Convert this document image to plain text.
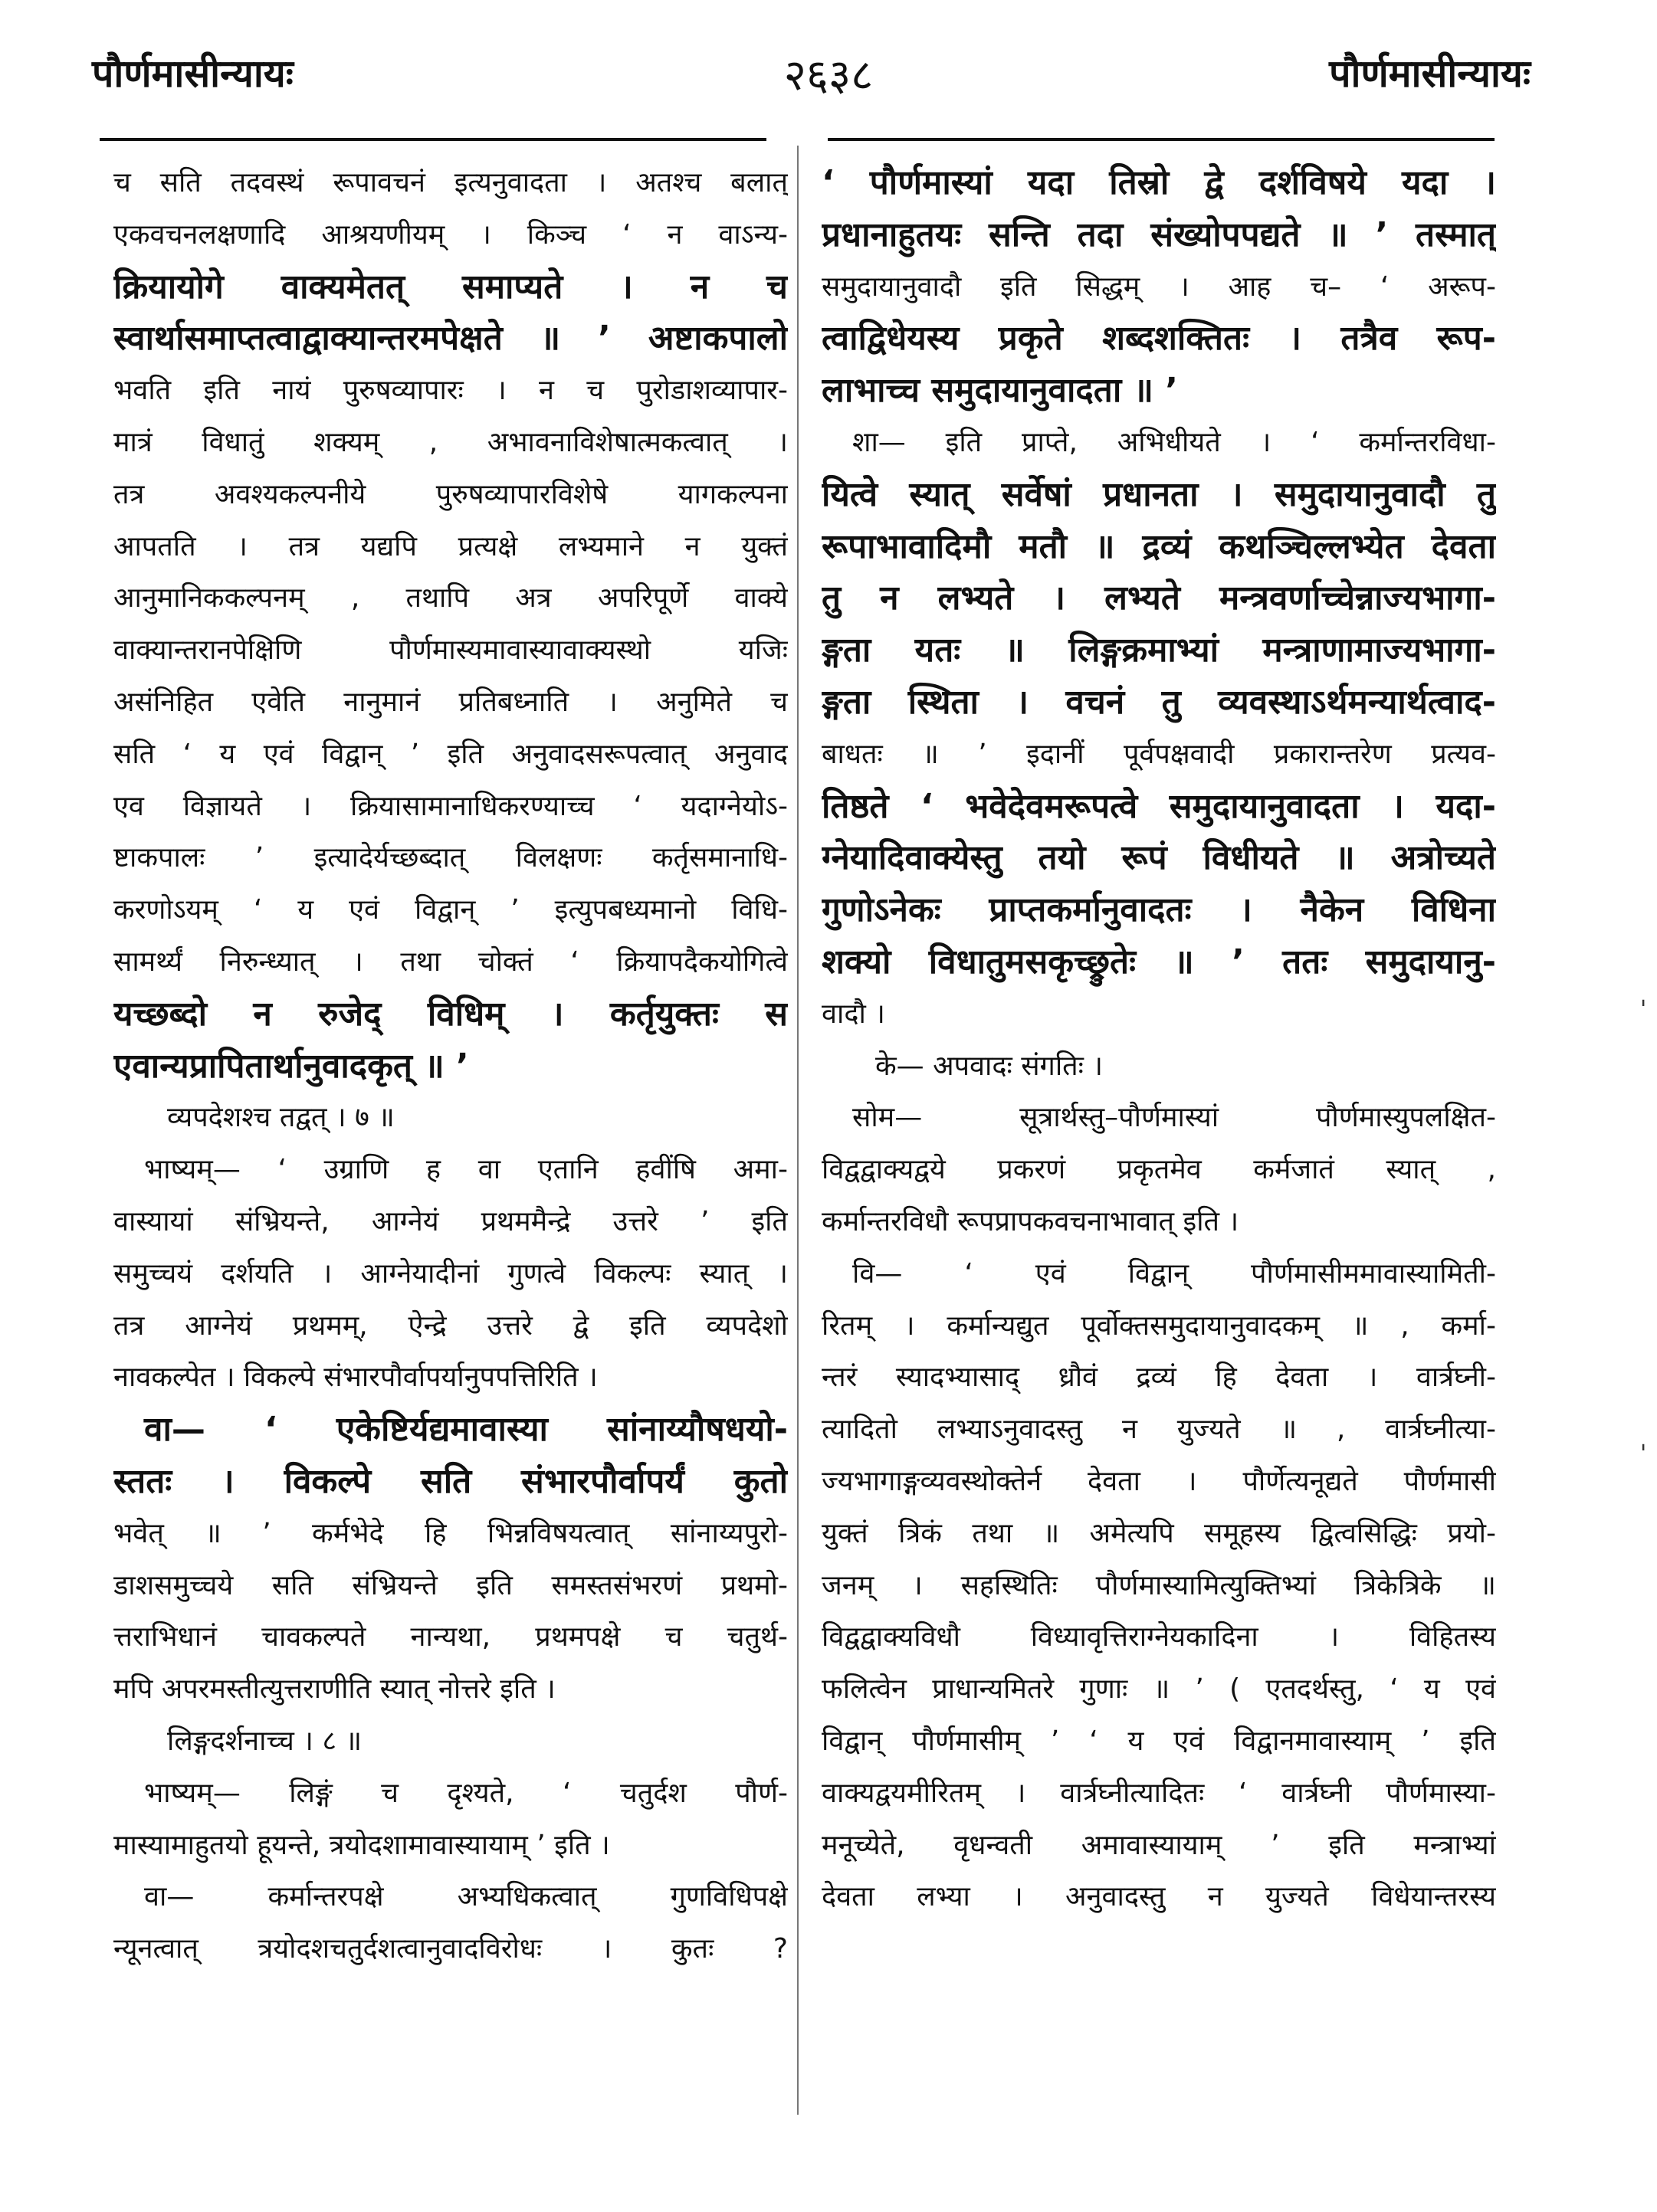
पौर्णमासीन्यायः	२६३८	पौर्णमासीन्यायः
च सति तदवस्थं रूपावचनं इत्यनुवादता । अतश्च बलात्
एकवचनलक्षणादि आश्रयणीयम् । किञ्च ‘ न वाऽन्य-
क्रियायोगे वाक्यमेतत् समाप्यते । न च
स्वार्थासमाप्तत्वाद्वाक्यान्तरमपेक्षते ॥ ’ अष्टाकपालो
भवति इति नायं पुरुषव्यापारः । न च पुरोडाशव्यापार-
मात्रं विधातुं शक्यम् , अभावनाविशेषात्मकत्वात् ।
तत्र अवश्यकल्पनीये पुरुषव्यापारविशेषे यागकल्पना
आपतति । तत्र यद्यपि प्रत्यक्षे लभ्यमाने न युक्तं
आनुमानिककल्पनम् , तथापि अत्र अपरिपूर्णे वाक्ये
वाक्यान्तरानपेक्षिणि पौर्णमास्यमावास्यावाक्यस्थो यजिः
असंनिहित एवेति नानुमानं प्रतिबध्नाति । अनुमिते च
सति ‘ य एवं विद्वान् ’ इति अनुवादसरूपत्वात् अनुवाद
एव विज्ञायते । क्रियासामानाधिकरण्याच्च ‘ यदाग्नेयोऽ-
ष्टाकपालः ’ इत्यादेर्यच्छब्दात् विलक्षणः कर्तृसमानाधि-
करणोऽयम् ‘ य एवं विद्वान् ’ इत्युपबध्यमानो विधि-
सामर्थ्यं निरुन्ध्यात् । तथा चोक्तं ‘ क्रियापदैकयोगित्वे
यच्छब्दो न रुजेद् विधिम् । कर्तृयुक्तः स
एवान्यप्रापितार्थानुवादकृत् ॥ ’
व्यपदेशश्च तद्वत् । ७ ॥
भाष्यम्— ‘ उग्राणि ह वा एतानि हवींषि अमा-
वास्यायां संभ्रियन्ते, आग्नेयं प्रथममैन्द्रे उत्तरे ’ इति
समुच्चयं दर्शयति । आग्नेयादीनां गुणत्वे विकल्पः स्यात् ।
तत्र आग्नेयं प्रथमम्, ऐन्द्रे उत्तरे द्वे इति व्यपदेशो
नावकल्पेत । विकल्पे संभारपौर्वापर्यानुपपत्तिरिति ।
वा— ‘ एकेष्टिर्यद्यमावास्या सांनाय्यौषधयो-
स्ततः । विकल्पे सति संभारपौर्वापर्यं कुतो
भवेत् ॥ ’ कर्मभेदे हि भिन्नविषयत्वात् सांनाय्यपुरो-
डाशसमुच्चये सति संभ्रियन्ते इति समस्तसंभरणं प्रथमो-
त्तराभिधानं चावकल्पते नान्यथा, प्रथमपक्षे च चतुर्थ-
मपि अपरमस्तीत्युत्तराणीति स्यात् नोत्तरे इति ।
लिङ्गदर्शनाच्च । ८ ॥
भाष्यम्— लिङ्गं च दृश्यते, ‘ चतुर्दश पौर्ण-
मास्यामाहुतयो हूयन्ते, त्रयोदशामावास्यायाम् ’ इति ।
वा— कर्मान्तरपक्षे अभ्यधिकत्वात् गुणविधिपक्षे
न्यूनत्वात् त्रयोदशचतुर्दशत्वानुवादविरोधः । कुतः ?
‘ पौर्णमास्यां यदा तिस्रो द्वे दर्शविषये यदा ।
प्रधानाहुतयः सन्ति तदा संख्योपपद्यते ॥ ’ तस्मात्
समुदायानुवादौ इति सिद्धम् । आह च– ‘ अरूप-
त्वाद्विधेयस्य प्रकृते शब्दशक्तितः । तत्रैव रूप-
लाभाच्च समुदायानुवादता ॥ ’
शा— इति प्राप्ते, अभिधीयते । ‘ कर्मान्तरविधा-
यित्वे स्यात् सर्वेषां प्रधानता । समुदायानुवादौ तु
रूपाभावादिमौ मतौ ॥ द्रव्यं कथञ्चिल्लभ्येत देवता
तु न लभ्यते । लभ्यते मन्त्रवर्णाच्चेन्नाज्यभागा-
ङ्गता यतः ॥ लिङ्गक्रमाभ्यां मन्त्राणामाज्यभागा-
ङ्गता स्थिता । वचनं तु व्यवस्थाऽर्थमन्यार्थत्वाद-
बाधतः ॥ ’ इदानीं पूर्वपक्षवादी प्रकारान्तरेण प्रत्यव-
तिष्ठते ‘ भवेदेवमरूपत्वे समुदायानुवादता । यदा-
ग्नेयादिवाक्येस्तु तयो रूपं विधीयते ॥ अत्रोच्यते
गुणोऽनेकः प्राप्तकर्मानुवादतः । नैकेन विधिना
शक्यो विधातुमसकृच्छ्रुतेः ॥ ’ ततः समुदायानु-
वादौ ।
के— अपवादः संगतिः ।
सोम— सूत्रार्थस्तु–पौर्णमास्यां पौर्णमास्युपलक्षित-
विद्वद्वाक्यद्वये प्रकरणं प्रकृतमेव कर्मजातं स्यात् ,
कर्मान्तरविधौ रूपप्रापकवचनाभावात् इति ।
वि— ‘ एवं विद्वान् पौर्णमासीममावास्यामिती-
रितम् । कर्मान्यद्युत पूर्वोक्तसमुदायानुवादकम् ॥ , कर्मा-
न्तरं स्यादभ्यासाद् ध्रौवं द्रव्यं हि देवता । वार्त्रघ्नी-
त्यादितो लभ्याऽनुवादस्तु न युज्यते ॥ , वार्त्रघ्नीत्या-
ज्यभागाङ्गव्यवस्थोक्तेर्न देवता । पौर्णेत्यनूद्यते पौर्णमासी
युक्तं त्रिकं तथा ॥ अमेत्यपि समूहस्य द्वित्वसिद्धिः प्रयो-
जनम् । सहस्थितिः पौर्णमास्यामित्युक्तिभ्यां त्रिकेत्रिके ॥
विद्वद्वाक्यविधौ विध्यावृत्तिराग्नेयकादिना । विहितस्य
फलित्वेन प्राधान्यमितरे गुणाः ॥ ’ ( एतदर्थस्तु, ‘ य एवं
विद्वान् पौर्णमासीम् ’ ‘ य एवं विद्वानमावास्याम् ’ इति
वाक्यद्वयमीरितम् । वार्त्रघ्नीत्यादितः ‘ वार्त्रघ्नी पौर्णमास्या-
मनूच्येते, वृधन्वती अमावास्यायाम् ’ इति मन्त्राभ्यां
देवता लभ्या । अनुवादस्तु न युज्यते विधेयान्तरस्य
'
'
